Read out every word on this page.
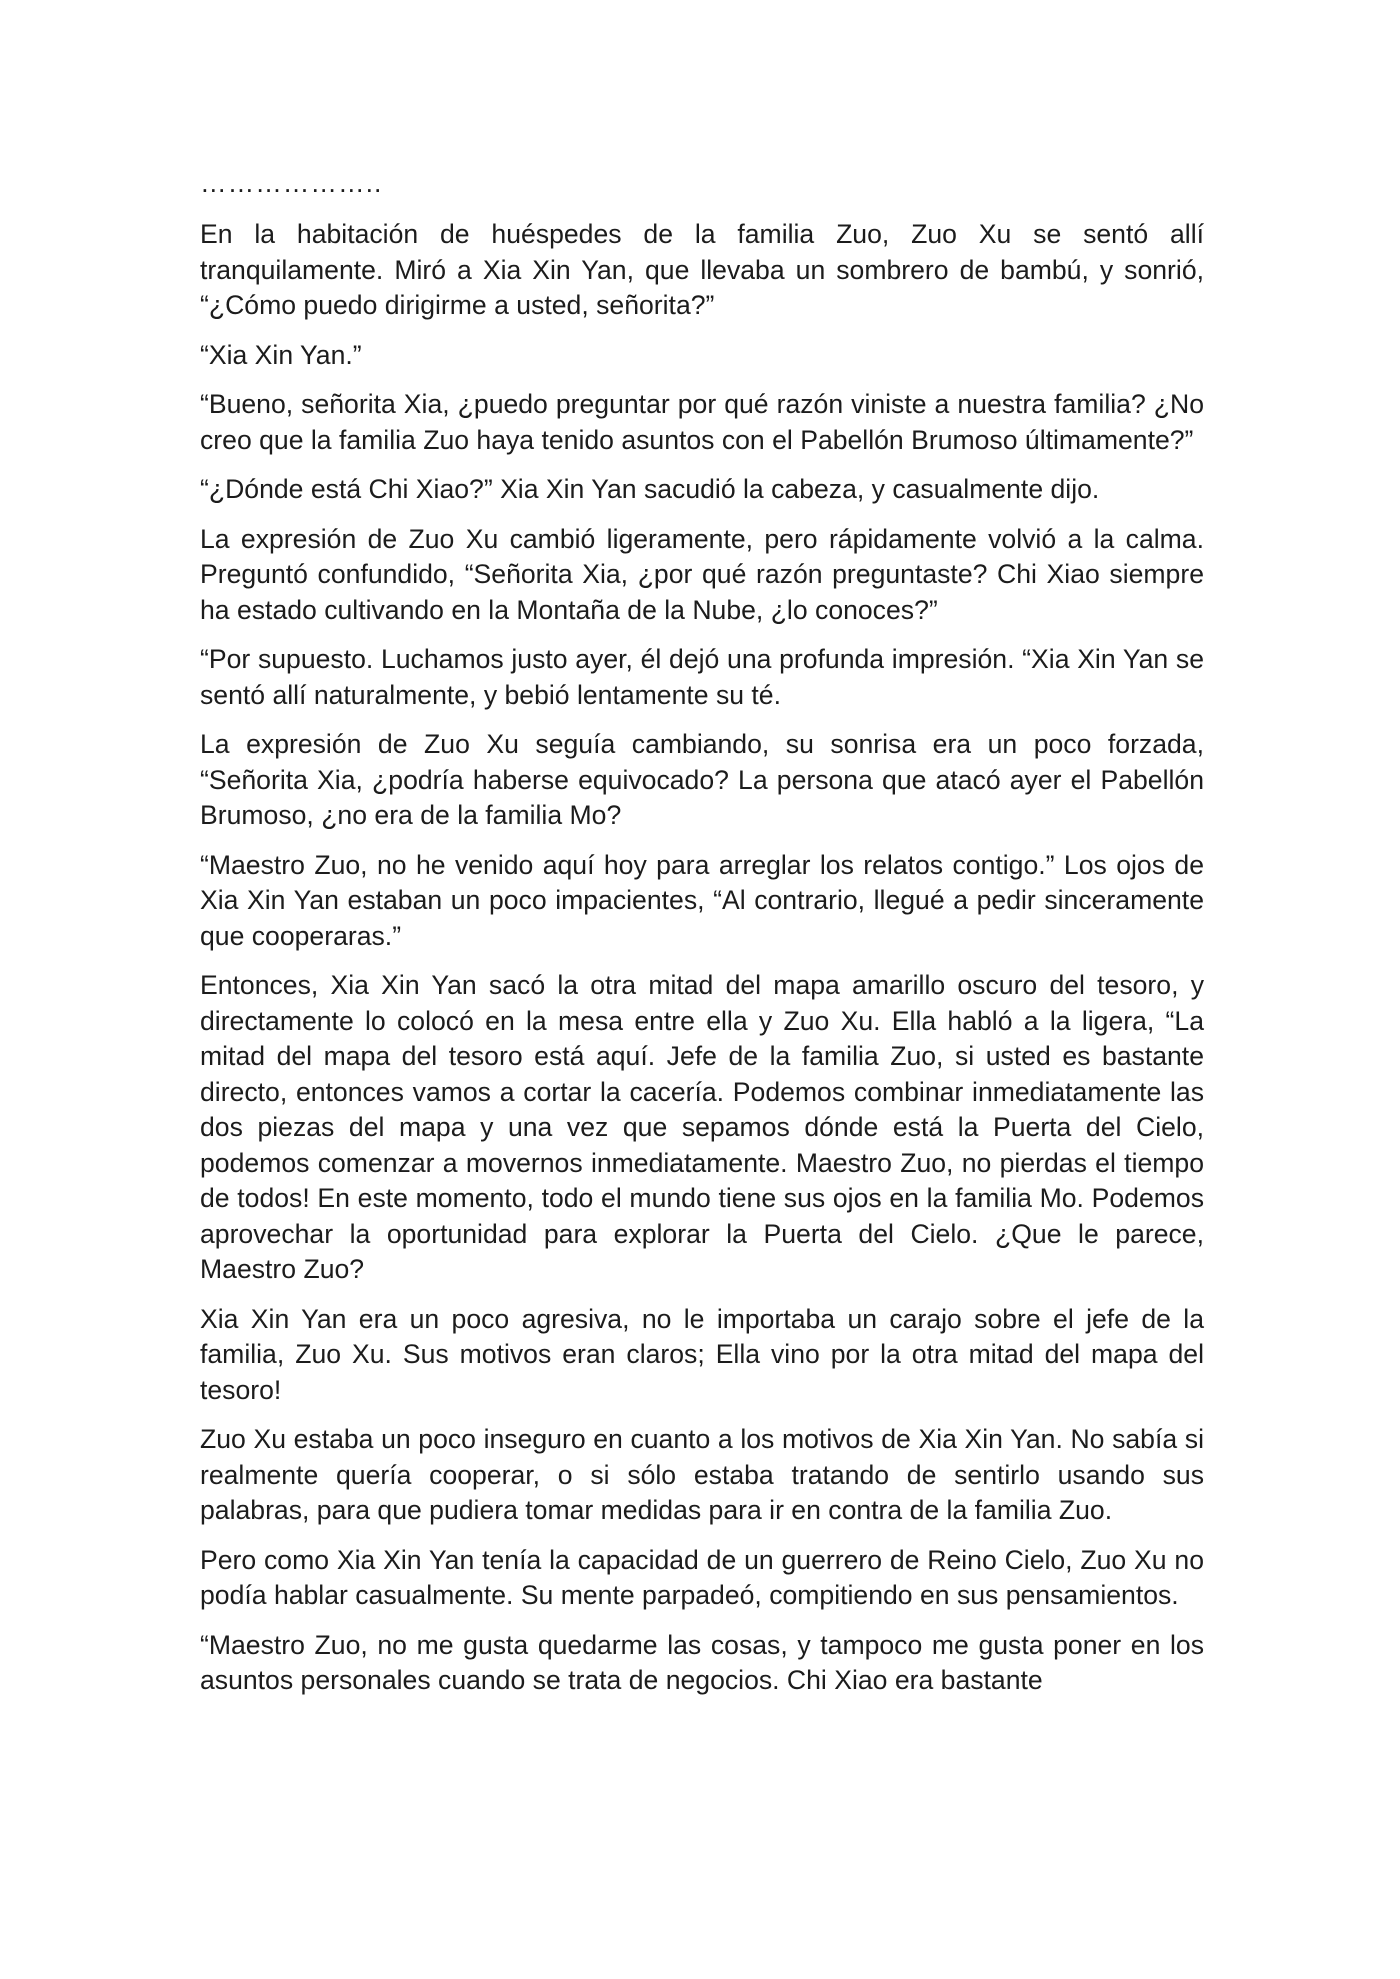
………………..

En la habitación de huéspedes de la familia Zuo, Zuo Xu se sentó allí tranquilamente. Miró a Xia Xin Yan, que llevaba un sombrero de bambú, y sonrió, “¿Cómo puedo dirigirme a usted, señorita?”

“Xia Xin Yan.”

“Bueno, señorita Xia, ¿puedo preguntar por qué razón viniste a nuestra familia? ¿No creo que la familia Zuo haya tenido asuntos con el Pabellón Brumoso últimamente?”

“¿Dónde está Chi Xiao?” Xia Xin Yan sacudió la cabeza, y casualmente dijo.

La expresión de Zuo Xu cambió ligeramente, pero rápidamente volvió a la calma. Preguntó confundido, “Señorita Xia, ¿por qué razón preguntaste? Chi Xiao siempre ha estado cultivando en la Montaña de la Nube, ¿lo conoces?”

“Por supuesto. Luchamos justo ayer, él dejó una profunda impresión. “Xia Xin Yan se sentó allí naturalmente, y bebió lentamente su té.

La expresión de Zuo Xu seguía cambiando, su sonrisa era un poco forzada, “Señorita Xia, ¿podría haberse equivocado? La persona que atacó ayer el Pabellón Brumoso, ¿no era de la familia Mo?

“Maestro Zuo, no he venido aquí hoy para arreglar los relatos contigo.” Los ojos de Xia Xin Yan estaban un poco impacientes, “Al contrario, llegué a pedir sinceramente que cooperaras.”

Entonces, Xia Xin Yan sacó la otra mitad del mapa amarillo oscuro del tesoro, y directamente lo colocó en la mesa entre ella y Zuo Xu. Ella habló a la ligera, “La mitad del mapa del tesoro está aquí. Jefe de la familia Zuo, si usted es bastante directo, entonces vamos a cortar la cacería. Podemos combinar inmediatamente las dos piezas del mapa y una vez que sepamos dónde está la Puerta del Cielo, podemos comenzar a movernos inmediatamente. Maestro Zuo, no pierdas el tiempo de todos! En este momento, todo el mundo tiene sus ojos en la familia Mo. Podemos aprovechar la oportunidad para explorar la Puerta del Cielo. ¿Que le parece, Maestro Zuo?

Xia Xin Yan era un poco agresiva, no le importaba un carajo sobre el jefe de la familia, Zuo Xu. Sus motivos eran claros; Ella vino por la otra mitad del mapa del tesoro!

Zuo Xu estaba un poco inseguro en cuanto a los motivos de Xia Xin Yan. No sabía si realmente quería cooperar, o si sólo estaba tratando de sentirlo usando sus palabras, para que pudiera tomar medidas para ir en contra de la familia Zuo.

Pero como Xia Xin Yan tenía la capacidad de un guerrero de Reino Cielo, Zuo Xu no podía hablar casualmente. Su mente parpadeó, compitiendo en sus pensamientos.

“Maestro Zuo, no me gusta quedarme las cosas, y tampoco me gusta poner en los asuntos personales cuando se trata de negocios. Chi Xiao era bastante
